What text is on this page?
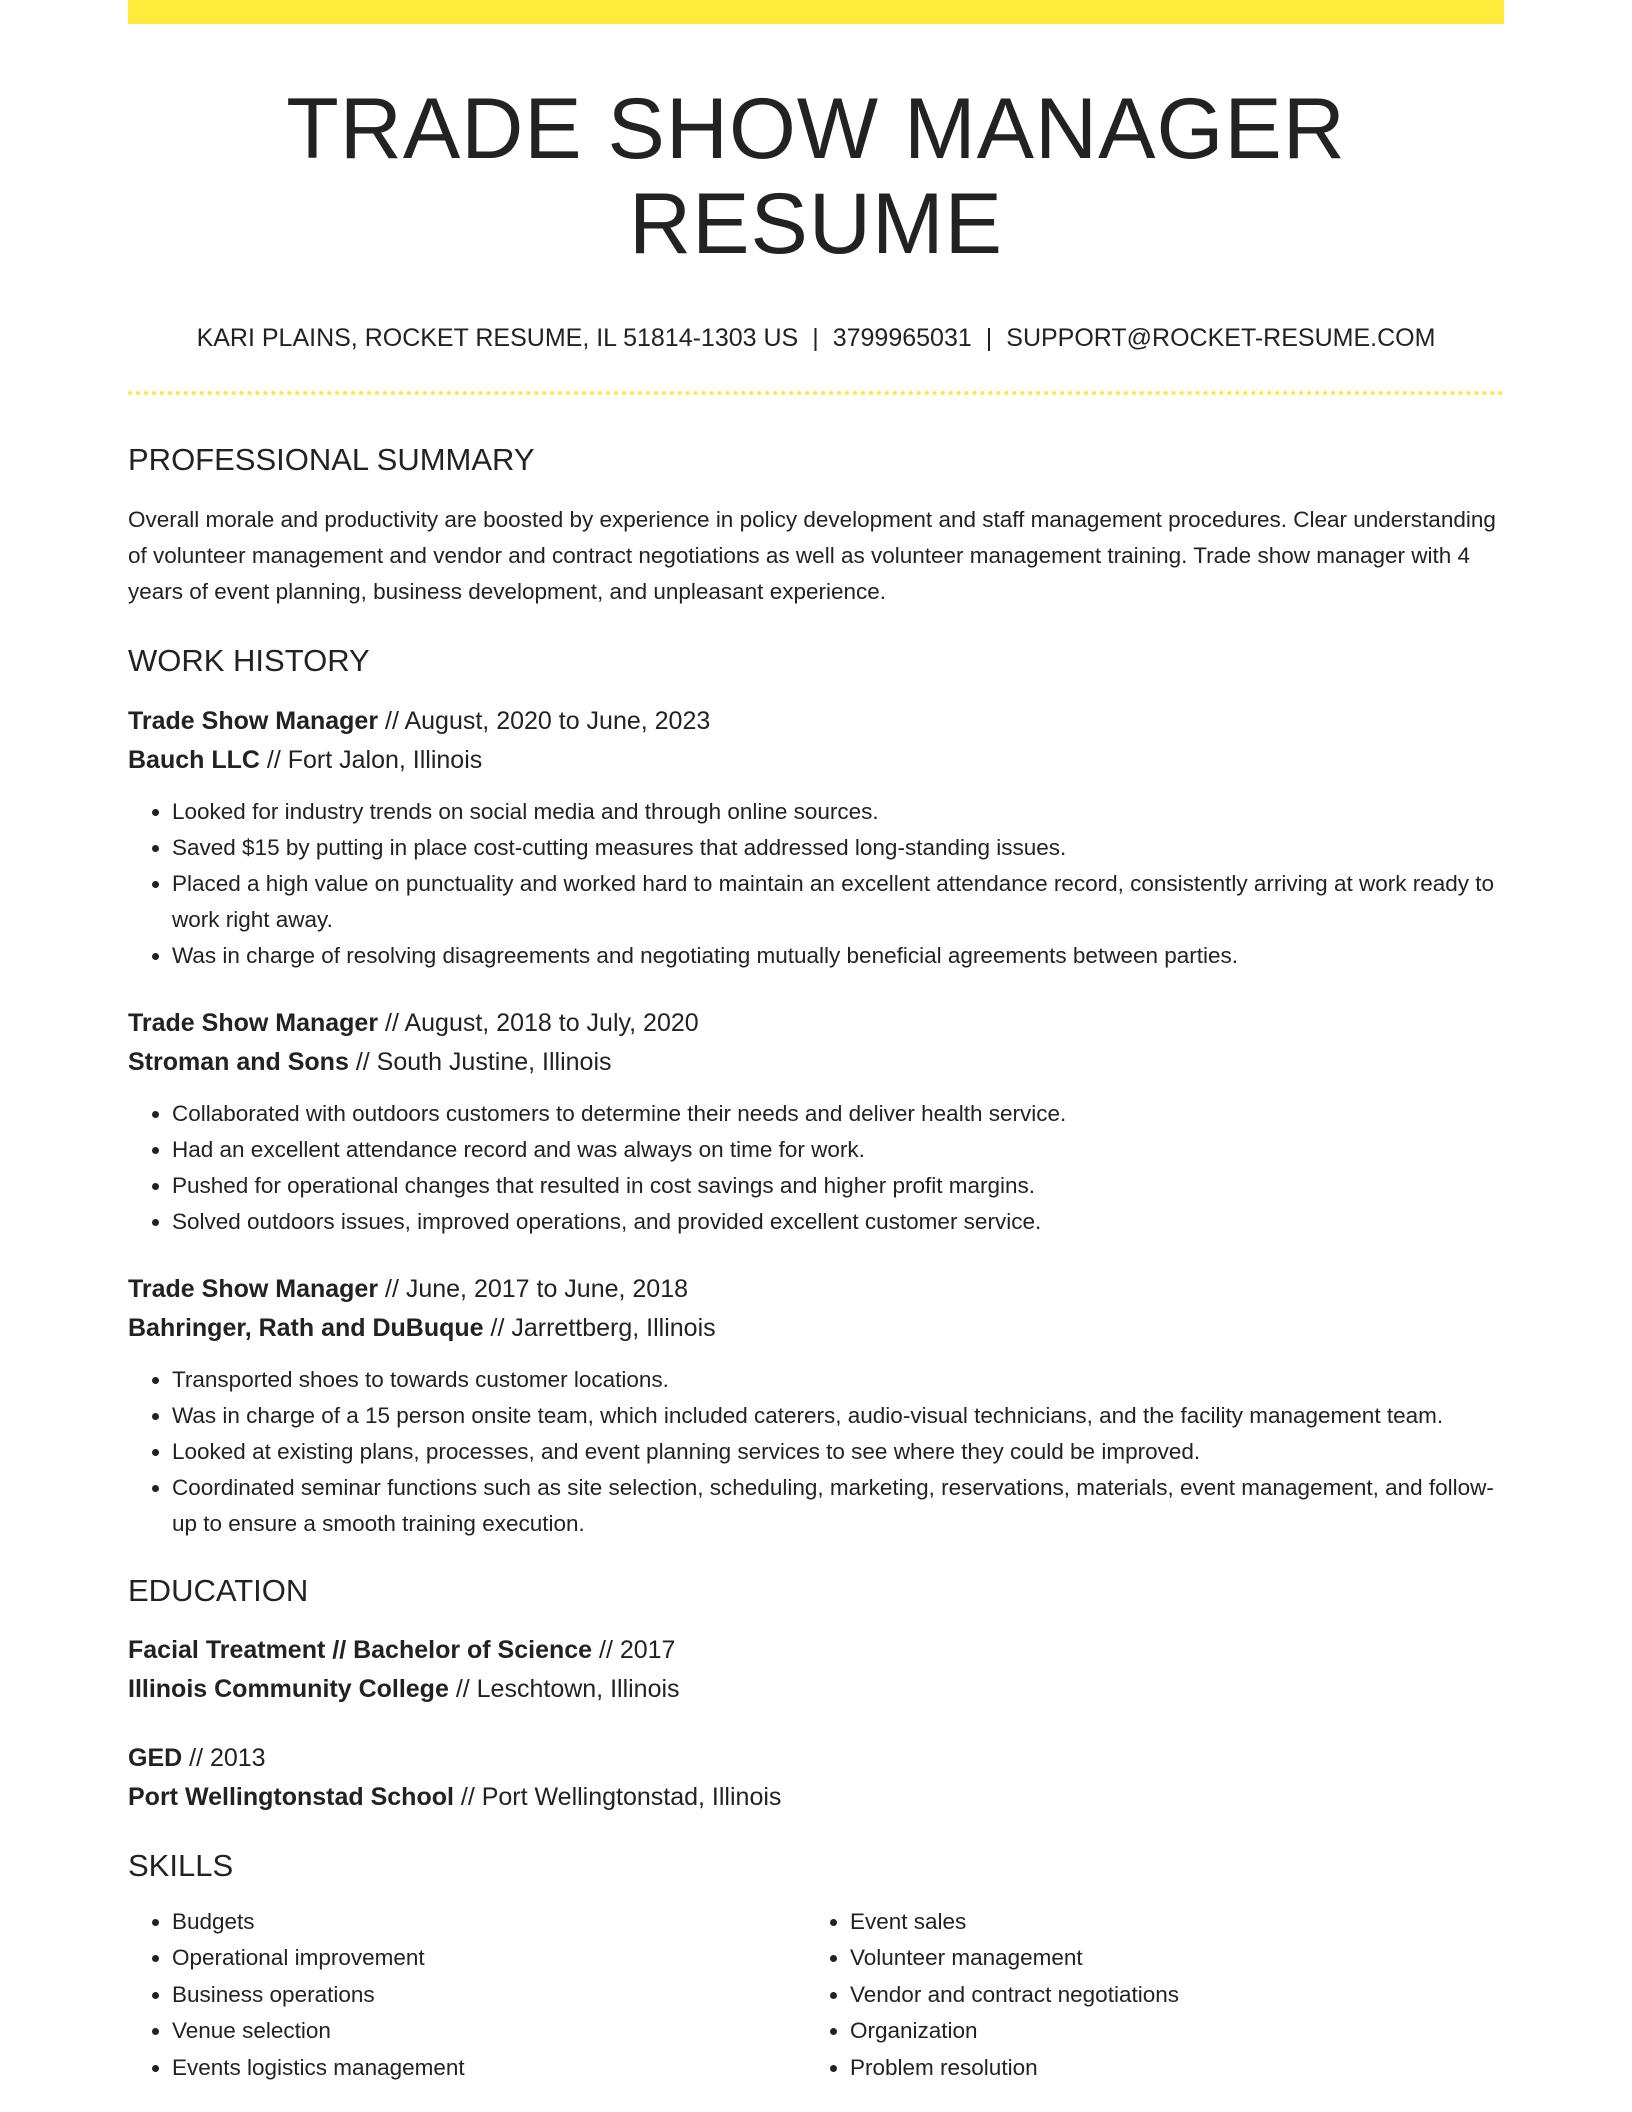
TRADE SHOW MANAGER RESUME
KARI PLAINS, ROCKET RESUME, IL 51814-1303 US | 3799965031 | SUPPORT@ROCKET-RESUME.COM
PROFESSIONAL SUMMARY
Overall morale and productivity are boosted by experience in policy development and staff management procedures. Clear understanding of volunteer management and vendor and contract negotiations as well as volunteer management training. Trade show manager with 4 years of event planning, business development, and unpleasant experience.
WORK HISTORY
Trade Show Manager // August, 2020 to June, 2023
Bauch LLC // Fort Jalon, Illinois
• Looked for industry trends on social media and through online sources.
• Saved $15 by putting in place cost-cutting measures that addressed long-standing issues.
• Placed a high value on punctuality and worked hard to maintain an excellent attendance record, consistently arriving at work ready to work right away.
• Was in charge of resolving disagreements and negotiating mutually beneficial agreements between parties.
Trade Show Manager // August, 2018 to July, 2020
Stroman and Sons // South Justine, Illinois
• Collaborated with outdoors customers to determine their needs and deliver health service.
• Had an excellent attendance record and was always on time for work.
• Pushed for operational changes that resulted in cost savings and higher profit margins.
• Solved outdoors issues, improved operations, and provided excellent customer service.
Trade Show Manager // June, 2017 to June, 2018
Bahringer, Rath and DuBuque // Jarrettberg, Illinois
• Transported shoes to towards customer locations.
• Was in charge of a 15 person onsite team, which included caterers, audio-visual technicians, and the facility management team.
• Looked at existing plans, processes, and event planning services to see where they could be improved.
• Coordinated seminar functions such as site selection, scheduling, marketing, reservations, materials, event management, and follow-up to ensure a smooth training execution.
EDUCATION
Facial Treatment // Bachelor of Science // 2017
Illinois Community College // Leschtown, Illinois
GED // 2013
Port Wellingtonstad School // Port Wellingtonstad, Illinois
SKILLS
• Budgets
• Operational improvement
• Business operations
• Venue selection
• Events logistics management
• Event sales
• Volunteer management
• Vendor and contract negotiations
• Organization
• Problem resolution
